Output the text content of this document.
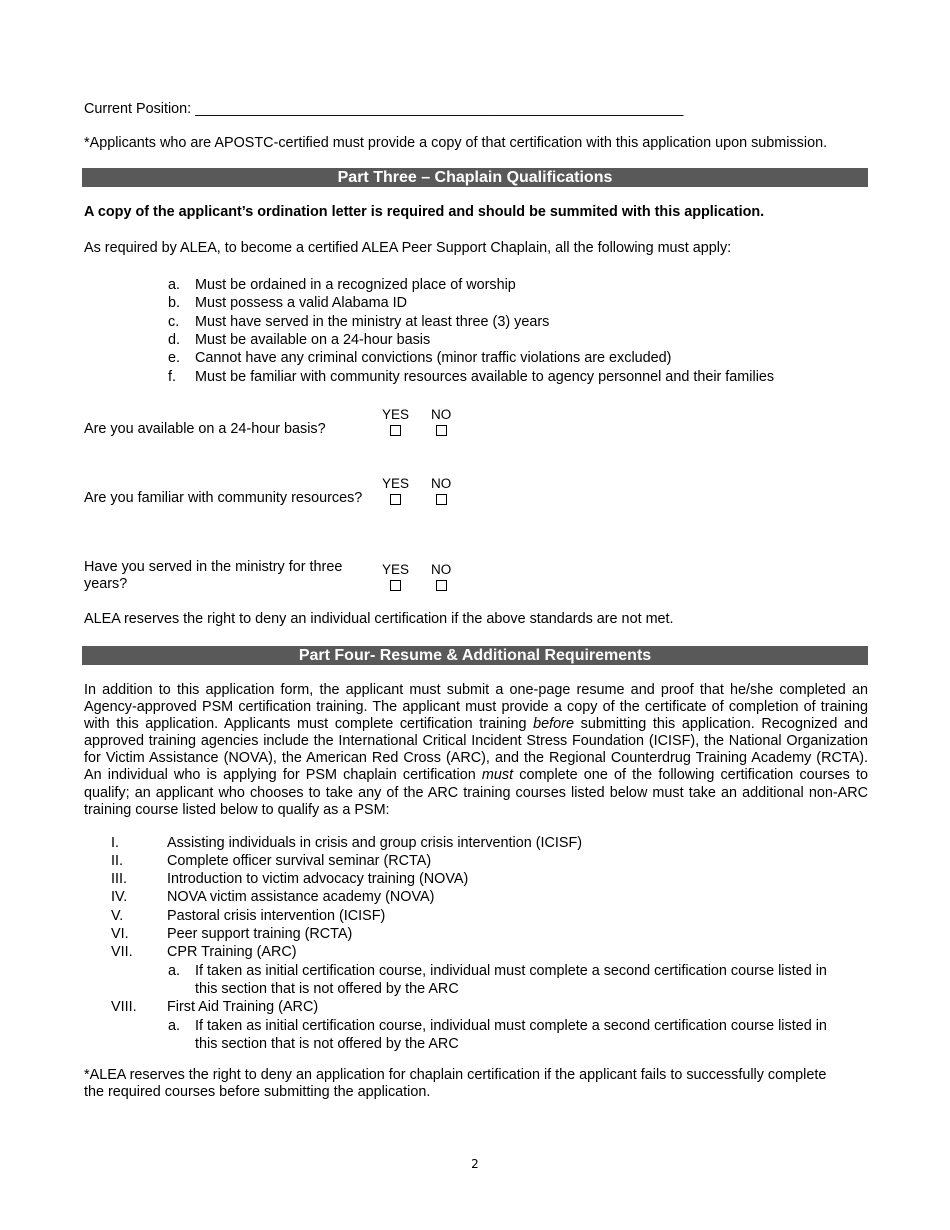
Current Position: _____________________________________________________________
*Applicants who are APOSTC-certified must provide a copy of that certification with this application upon submission.
Part Three – Chaplain Qualifications
A copy of the applicant’s ordination letter is required and should be summited with this application.
As required by ALEA, to become a certified ALEA Peer Support Chaplain, all the following must apply:
a. Must be ordained in a recognized place of worship
b. Must possess a valid Alabama ID
c. Must have served in the ministry at least three (3) years
d. Must be available on a 24-hour basis
e. Cannot have any criminal convictions (minor traffic violations are excluded)
f. Must be familiar with community resources available to agency personnel and their families
Are you available on a 24-hour basis?
YES NO
Are you familiar with community resources?
YES NO
Have you served in the ministry for three
years?
YES NO
ALEA reserves the right to deny an individual certification if the above standards are not met.
Part Four- Resume & Additional Requirements
In addition to this application form, the applicant must submit a one-page resume and proof that he/she completed an
Agency-approved PSM certification training. The applicant must provide a copy of the certificate of completion of training
with this application. Applicants must complete certification training before submitting this application. Recognized and
approved training agencies include the International Critical Incident Stress Foundation (ICISF), the National Organization
for Victim Assistance (NOVA), the American Red Cross (ARC), and the Regional Counterdrug Training Academy (RCTA).
An individual who is applying for PSM chaplain certification must complete one of the following certification courses to
qualify; an applicant who chooses to take any of the ARC training courses listed below must take an additional non-ARC
training course listed below to qualify as a PSM:
I.	Assisting individuals in crisis and group crisis intervention (ICISF)
II.	Complete officer survival seminar (RCTA)
III.	Introduction to victim advocacy training (NOVA)
IV.	NOVA victim assistance academy (NOVA)
V.	Pastoral crisis intervention (ICISF)
VI.	Peer support training (RCTA)
VII. CPR Training (ARC)
a. If taken as initial certification course, individual must complete a second certification course listed in
this section that is not offered by the ARC
VIII. First Aid Training (ARC)
a. If taken as initial certification course, individual must complete a second certification course listed in
this section that is not offered by the ARC
*ALEA reserves the right to deny an application for chaplain certification if the applicant fails to successfully complete
the required courses before submitting the application.
2
